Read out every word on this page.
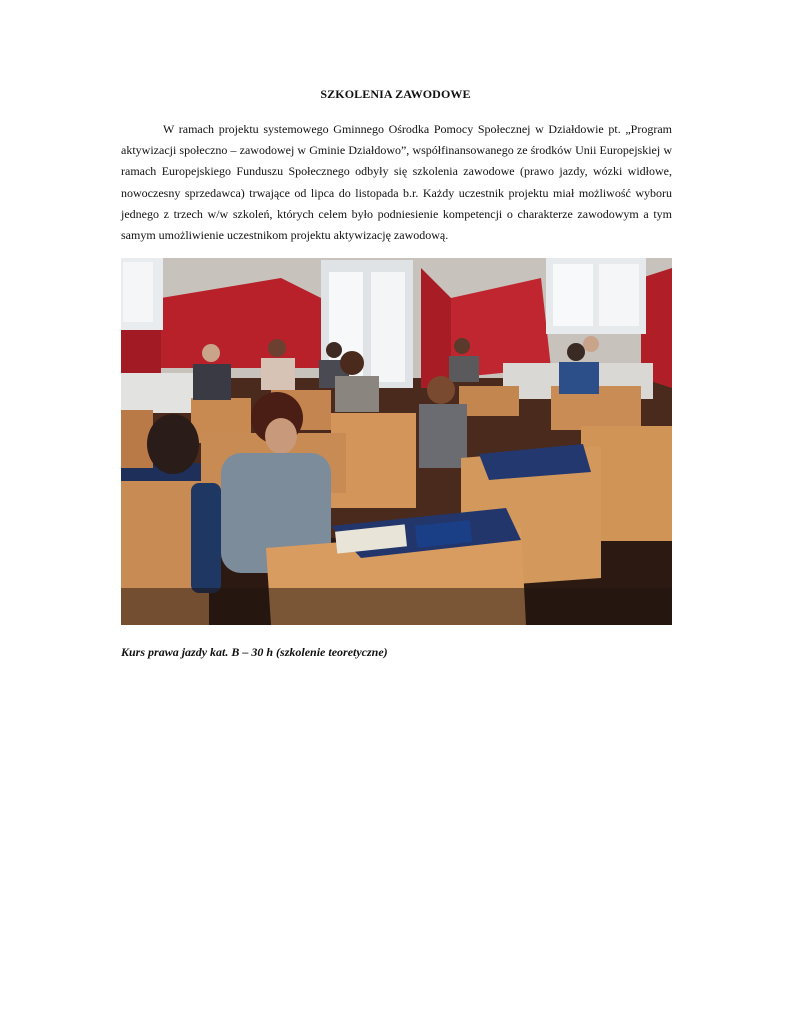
SZKOLENIA ZAWODOWE

W ramach projektu systemowego Gminnego Ośrodka Pomocy Społecznej w Działdowie pt. „Program aktywizacji społeczno – zawodowej w Gminie Działdowo”, współfinansowanego ze środków Unii Europejskiej w ramach Europejskiego Funduszu Społecznego odbyły się szkolenia zawodowe (prawo jazdy, wózki widłowe, nowoczesny sprzedawca) trwające od lipca do listopada b.r. Każdy uczestnik projektu miał możliwość wyboru jednego z trzech w/w szkoleń, których celem było podniesienie kompetencji o charakterze zawodowym a tym samym umożliwienie uczestnikom projektu aktywizację zawodową.

Kurs prawa jazdy kat. B – 30 h (szkolenie teoretyczne)
